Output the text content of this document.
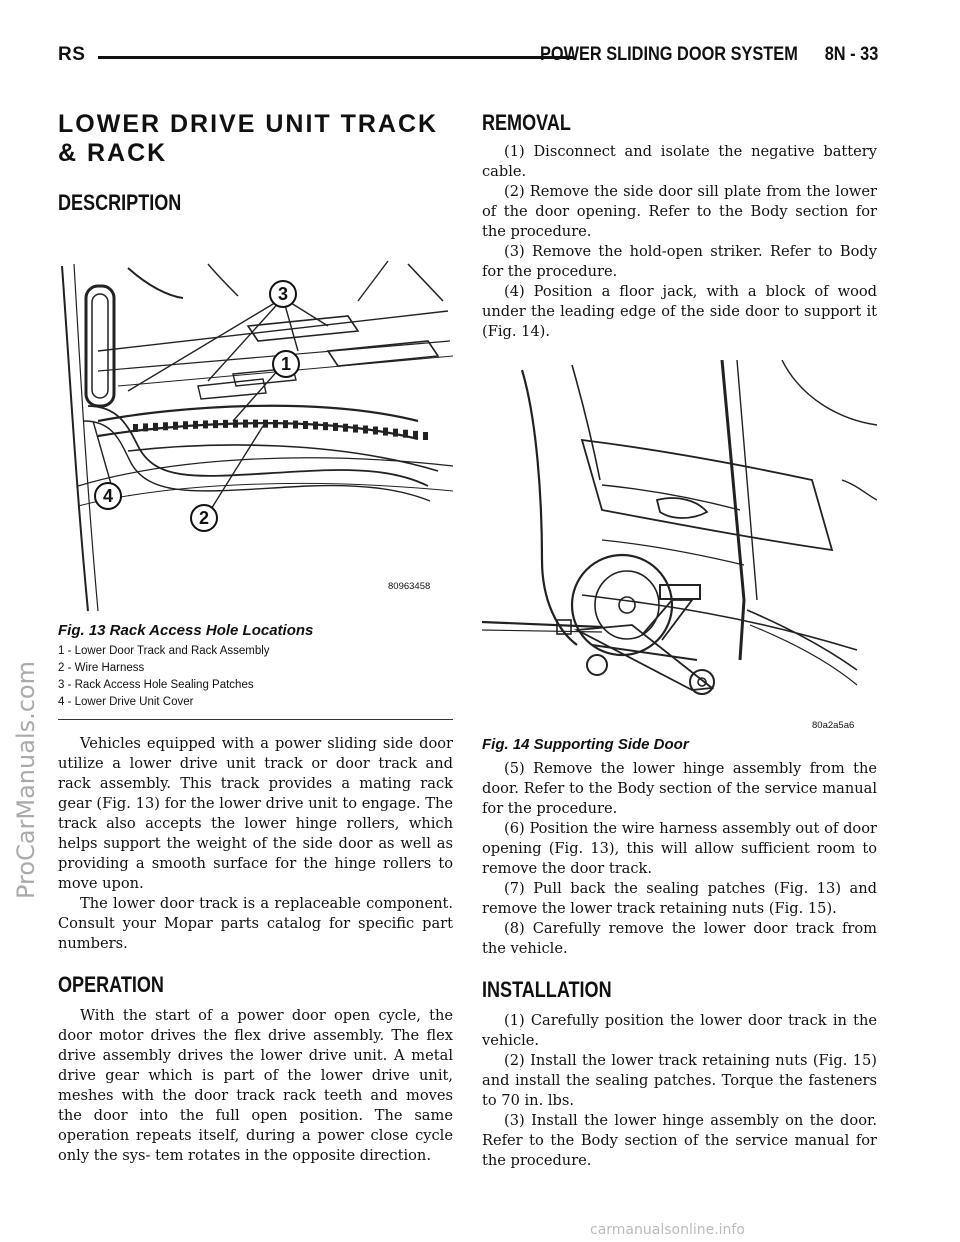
RS	POWER SLIDING DOOR SYSTEM 8N - 33
ProCarManuals.com
carmanualsonline.info
LOWER DRIVE UNIT TRACK & RACK
DESCRIPTION
3
1
2
4
80963458
Fig. 13 Rack Access Hole Locations
1 - Lower Door Track and Rack Assembly
2 - Wire Harness
3 - Rack Access Hole Sealing Patches
4 - Lower Drive Unit Cover

Vehicles equipped with a power sliding side door utilize a lower drive unit track or door track and rack assembly. This track provides a mating rack gear (Fig. 13) for the lower drive unit to engage. The track also accepts the lower hinge rollers, which helps support the weight of the side door as well as providing a smooth surface for the hinge rollers to move upon.

The lower door track is a replaceable component. Consult your Mopar parts catalog for specific part numbers.

OPERATION

With the start of a power door open cycle, the door motor drives the flex drive assembly. The flex drive assembly drives the lower drive unit. A metal drive gear which is part of the lower drive unit, meshes with the door track rack teeth and moves the door into the full open position. The same operation repeats itself, during a power close cycle only the sys- tem rotates in the opposite direction.

REMOVAL

(1) Disconnect and isolate the negative battery cable.

(2) Remove the side door sill plate from the lower of the door opening. Refer to the Body section for the procedure.

(3) Remove the hold-open striker. Refer to Body for the procedure.

(4) Position a floor jack, with a block of wood under the leading edge of the side door to support it (Fig. 14).

80a2a5a6
Fig. 14 Supporting Side Door

(5) Remove the lower hinge assembly from the door. Refer to the Body section of the service manual for the procedure.

(6) Position the wire harness assembly out of door opening (Fig. 13), this will allow sufficient room to remove the door track.

(7) Pull back the sealing patches (Fig. 13) and remove the lower track retaining nuts (Fig. 15).

(8) Carefully remove the lower door track from the vehicle.

INSTALLATION

(1) Carefully position the lower door track in the vehicle.

(2) Install the lower track retaining nuts (Fig. 15) and install the sealing patches. Torque the fasteners to 70 in. lbs.

(3) Install the lower hinge assembly on the door. Refer to the Body section of the service manual for the procedure.
